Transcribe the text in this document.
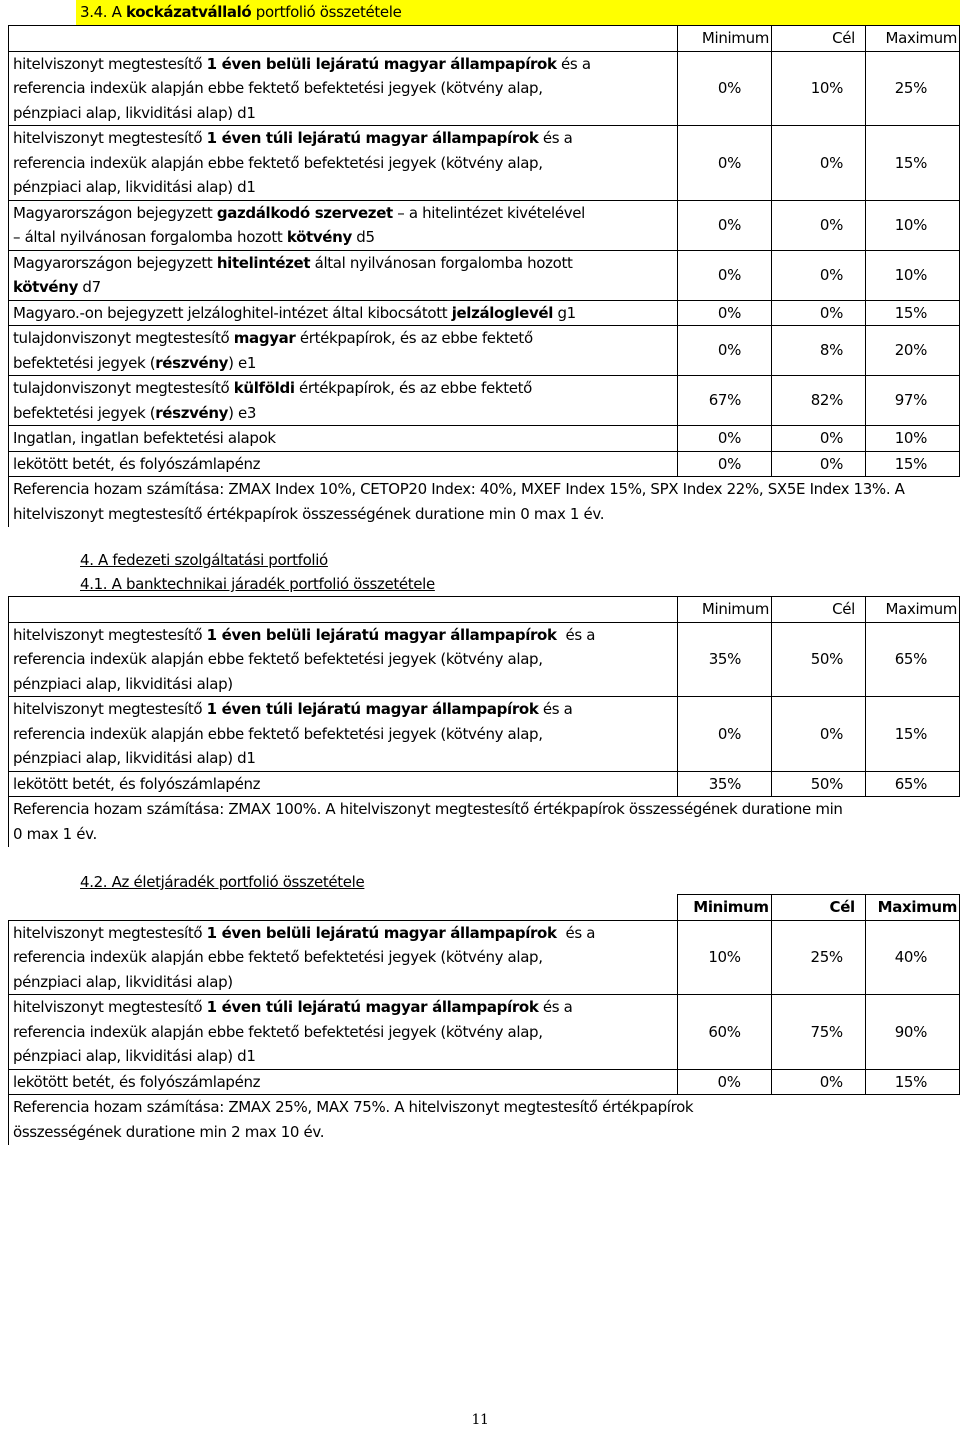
3.4. A kockázatvállaló portfolió összetétele
	Minimum	Cél	Maximum
hitelviszonyt megtestesítő 1 éven belüli lejáratú magyar állampapírok és a
referencia indexük alapján ebbe fektető befektetési jegyek (kötvény alap,
pénzpiaci alap, likviditási alap) d1	0%	10%	25%
hitelviszonyt megtestesítő 1 éven túli lejáratú magyar állampapírok és a
referencia indexük alapján ebbe fektető befektetési jegyek (kötvény alap,
pénzpiaci alap, likviditási alap) d1	0%	0%	15%
Magyarországon bejegyzett gazdálkodó szervezet – a hitelintézet kivételével
– által nyilvánosan forgalomba hozott kötvény d5	0%	0%	10%
Magyarországon bejegyzett hitelintézet által nyilvánosan forgalomba hozott
kötvény d7	0%	0%	10%
Magyaro.-on bejegyzett jelzáloghitel-intézet által kibocsátott jelzáloglevél g1	0%	0%	15%
tulajdonviszonyt megtestesítő magyar értékpapírok, és az ebbe fektető
befektetési jegyek (részvény) e1	0%	8%	20%
tulajdonviszonyt megtestesítő külföldi értékpapírok, és az ebbe fektető
befektetési jegyek (részvény) e3	67%	82%	97%
Ingatlan, ingatlan befektetési alapok	0%	0%	10%
lekötött betét, és folyószámlapénz	0%	0%	15%
Referencia hozam számítása: ZMAX Index 10%, CETOP20 Index: 40%, MXEF Index 15%, SPX Index 22%, SX5E Index 13%. A hitelviszonyt megtestesítő értékpapírok összességének duratione min 0 max 1 év.			
4. A fedezeti szolgáltatási portfolió
4.1. A banktechnikai járadék portfolió összetétele
	Minimum	Cél	Maximum
hitelviszonyt megtestesítő 1 éven belüli lejáratú magyar állampapírok  és a
referencia indexük alapján ebbe fektető befektetési jegyek (kötvény alap,
pénzpiaci alap, likviditási alap)	35%	50%	65%
hitelviszonyt megtestesítő 1 éven túli lejáratú magyar állampapírok és a
referencia indexük alapján ebbe fektető befektetési jegyek (kötvény alap,
pénzpiaci alap, likviditási alap) d1	0%	0%	15%
lekötött betét, és folyószámlapénz	35%	50%	65%
Referencia hozam számítása: ZMAX 100%. A hitelviszonyt megtestesítő értékpapírok összességének duratione min 0 max 1 év.			
4.2. Az életjáradék portfolió összetétele
	Minimum	Cél	Maximum
hitelviszonyt megtestesítő 1 éven belüli lejáratú magyar állampapírok  és a
referencia indexük alapján ebbe fektető befektetési jegyek (kötvény alap,
pénzpiaci alap, likviditási alap)	10%	25%	40%
hitelviszonyt megtestesítő 1 éven túli lejáratú magyar állampapírok és a
referencia indexük alapján ebbe fektető befektetési jegyek (kötvény alap,
pénzpiaci alap, likviditási alap) d1	60%	75%	90%
lekötött betét, és folyószámlapénz	0%	0%	15%
Referencia hozam számítása: ZMAX 25%, MAX 75%. A hitelviszonyt megtestesítő értékpapírok összességének duratione min 2 max 10 év.			
11
